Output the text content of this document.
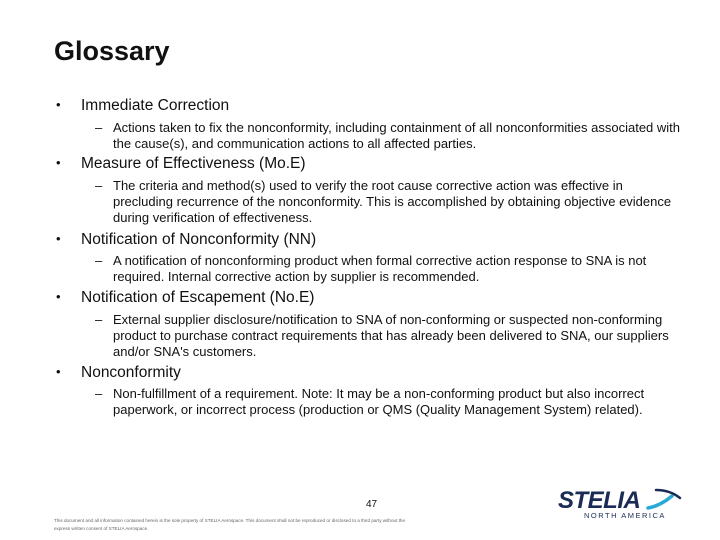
Glossary
• Immediate Correction
– Actions taken to fix the nonconformity, including containment of all nonconformities associated with the cause(s), and communication actions to all affected parties.
• Measure of Effectiveness (Mo.E)
– The criteria and method(s) used to verify the root cause corrective action was effective in precluding recurrence of the nonconformity. This is accomplished by obtaining objective evidence during verification of effectiveness.
• Notification of Nonconformity (NN)
– A notification of nonconforming product when formal corrective action response to SNA is not required. Internal corrective action by supplier is recommended.
• Notification of Escapement (No.E)
– External supplier disclosure/notification to SNA of non-conforming or suspected non-conforming product to purchase contract requirements that has already been delivered to SNA, our suppliers and/or SNA's customers.
• Nonconformity
– Non-fulfillment of a requirement. Note: It may be a non-conforming product but also incorrect paperwork, or incorrect process (production or QMS (Quality Management System) related).
47
This document and all information contained herein is the sole property of STELIA Aerospace. This document shall not be reproduced or disclosed to a third party without the express written consent of STELIA Aerospace.
STELIA
NORTH AMERICA
